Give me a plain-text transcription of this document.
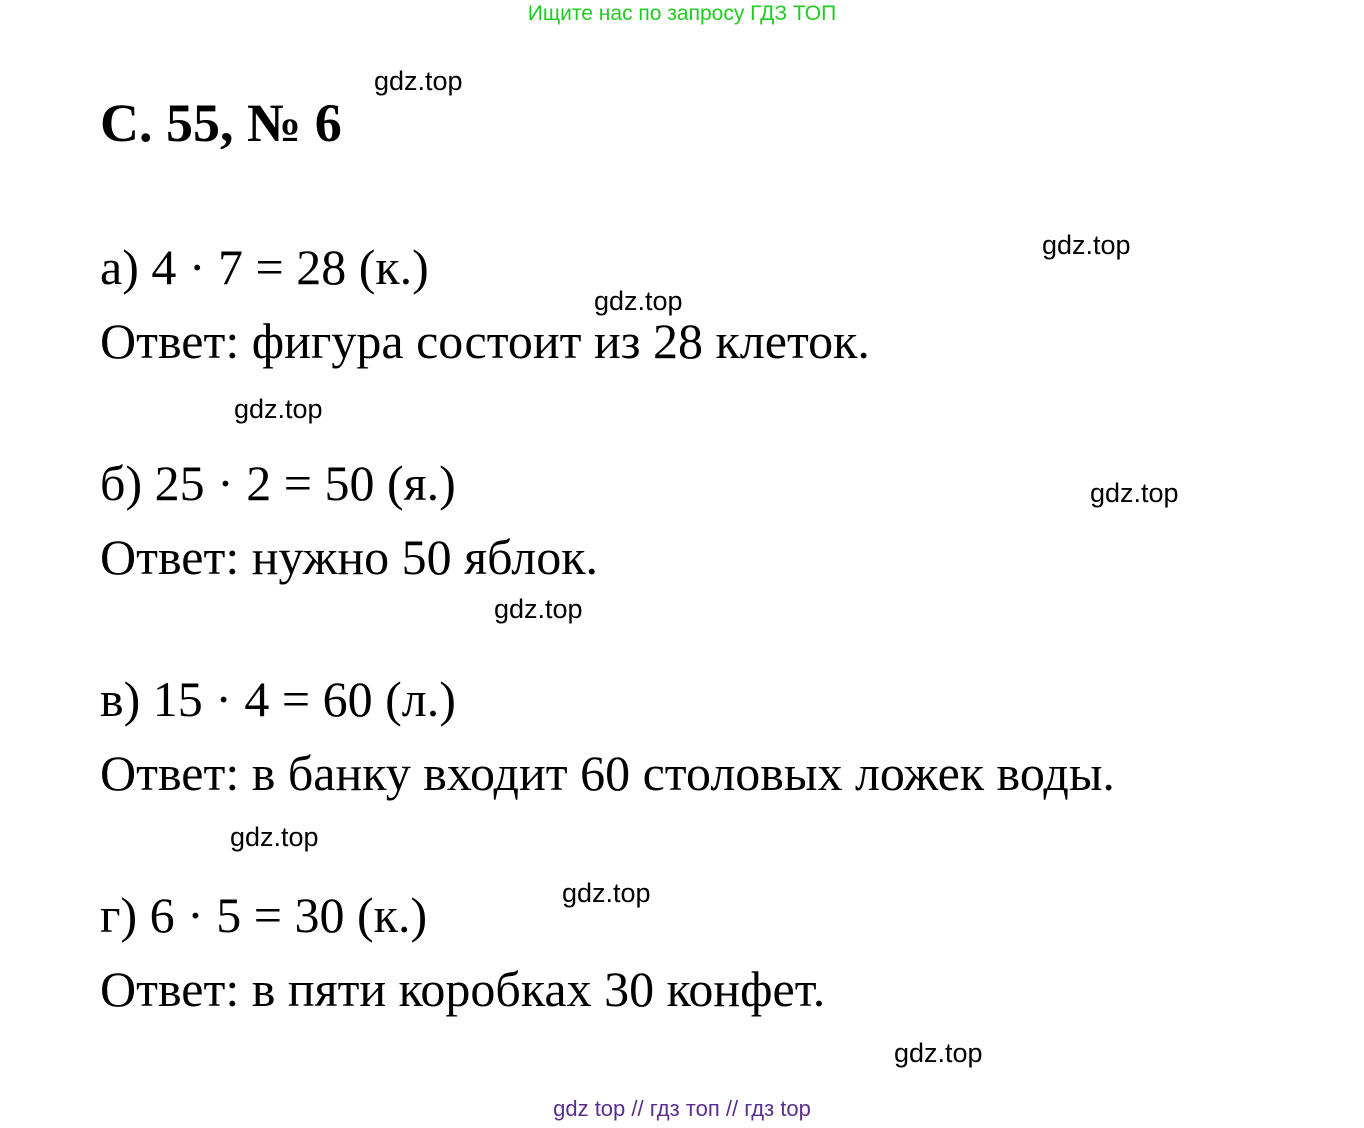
Ищите нас по запросу ГДЗ ТОП
С. 55, № 6
а) 4 · 7 = 28 (к.)
Ответ: фигура состоит из 28 клеток.
б) 25 · 2 = 50 (я.)
Ответ: нужно 50 яблок.
в) 15 · 4 = 60 (л.)
Ответ: в банку входит 60 столовых ложек воды.
г) 6 · 5 = 30 (к.)
Ответ: в пяти коробках 30 конфет.
gdz.top
gdz.top
gdz.top
gdz.top
gdz.top
gdz.top
gdz.top
gdz.top
gdz.top
gdz top // гдз топ // гдз top
